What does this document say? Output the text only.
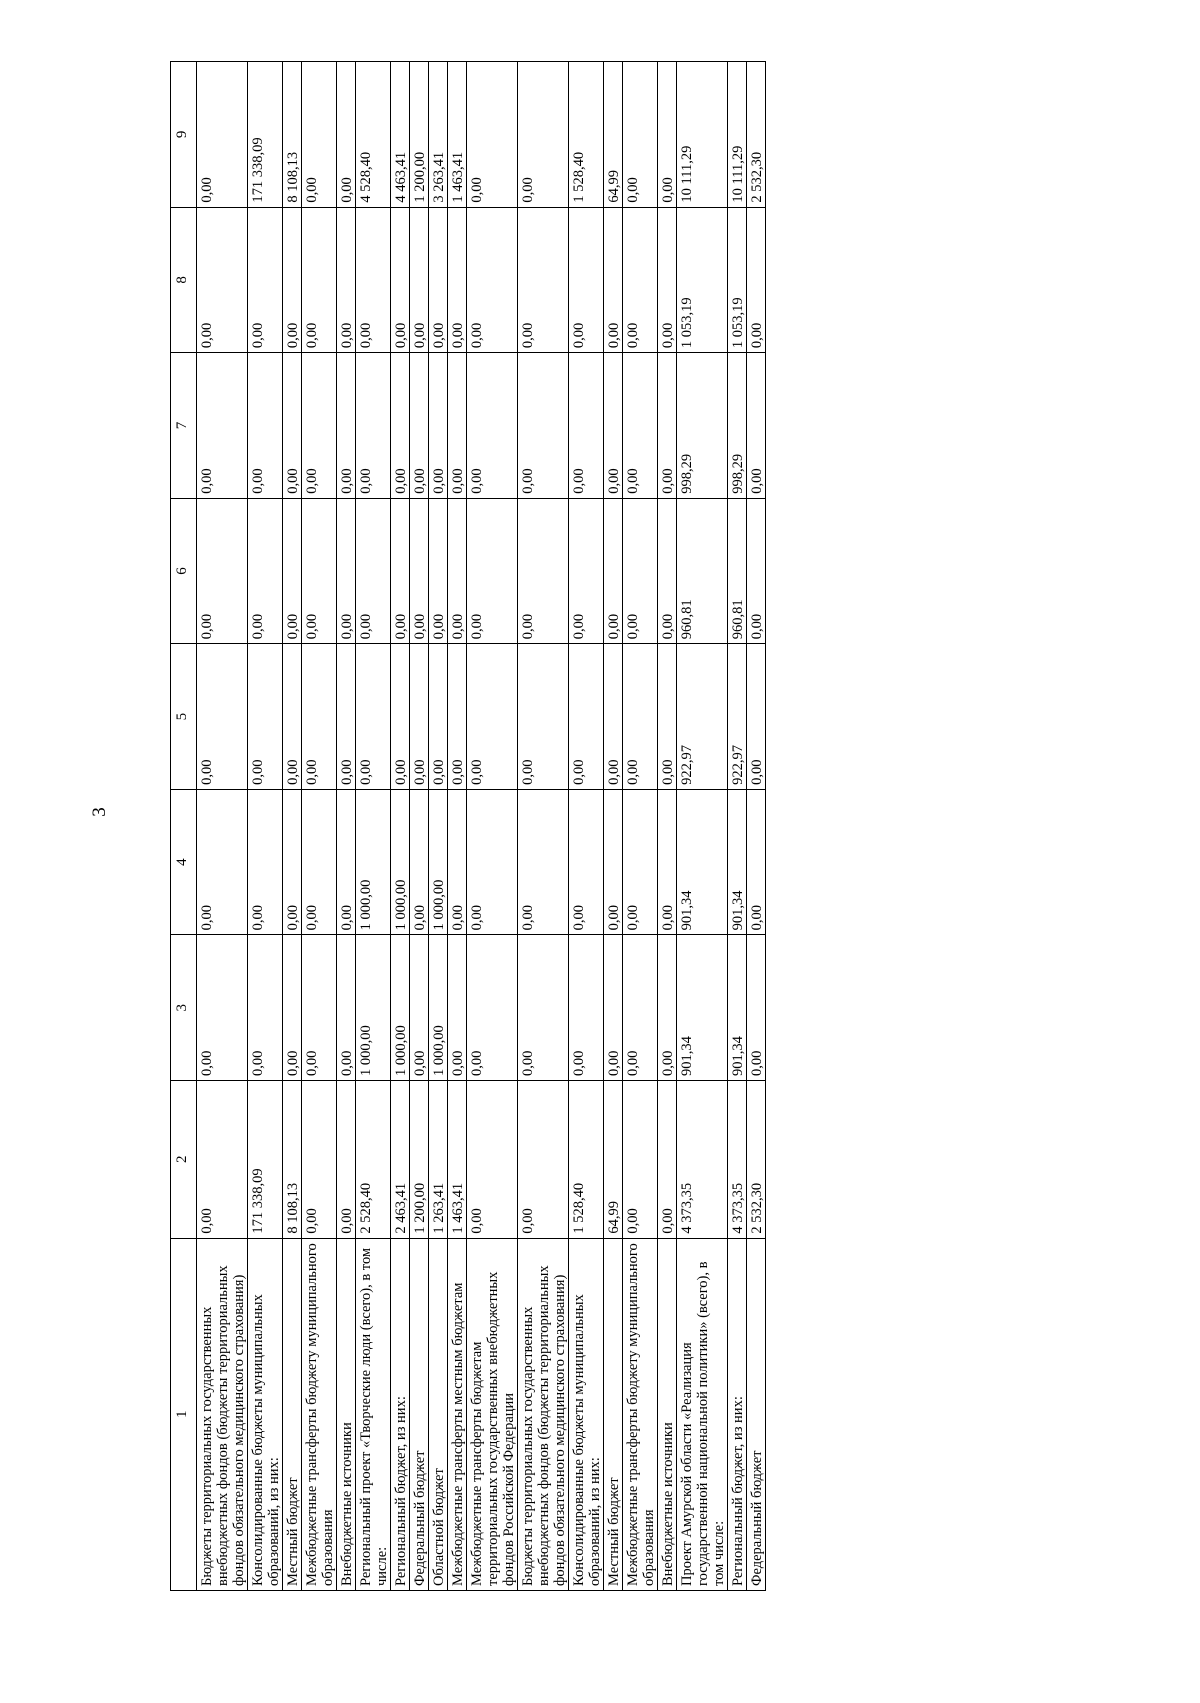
3
1	2	3	4	5	6	7	8	9
Бюджеты территориальных государственных внебюджетных фондов (бюджеты территориальных фондов обязательного медицинского страхования)	0,00	0,00	0,00	0,00	0,00	0,00	0,00	0,00
Консолидированные бюджеты муниципальных образований, из них:	171 338,09	0,00	0,00	0,00	0,00	0,00	0,00	171 338,09
Местный бюджет	8 108,13	0,00	0,00	0,00	0,00	0,00	0,00	8 108,13
Межбюджетные трансферты бюджету муниципального образования	0,00	0,00	0,00	0,00	0,00	0,00	0,00	0,00
Внебюджетные источники	0,00	0,00	0,00	0,00	0,00	0,00	0,00	0,00
Региональный проект «Творческие люди (всего), в том числе:	2 528,40	1 000,00	1 000,00	0,00	0,00	0,00	0,00	4 528,40
Региональный бюджет, из них:	2 463,41	1 000,00	1 000,00	0,00	0,00	0,00	0,00	4 463,41
Федеральный бюджет	1 200,00	0,00	0,00	0,00	0,00	0,00	0,00	1 200,00
Областной бюджет	1 263,41	1 000,00	1 000,00	0,00	0,00	0,00	0,00	3 263,41
Межбюджетные трансферты местным бюджетам	1 463,41	0,00	0,00	0,00	0,00	0,00	0,00	1 463,41
Межбюджетные трансферты бюджетам территориальных государственных внебюджетных фондов Российской Федерации	0,00	0,00	0,00	0,00	0,00	0,00	0,00	0,00
Бюджеты территориальных государственных внебюджетных фондов (бюджеты территориальных фондов обязательного медицинского страхования)	0,00	0,00	0,00	0,00	0,00	0,00	0,00	0,00
Консолидированные бюджеты муниципальных образований, из них:	1 528,40	0,00	0,00	0,00	0,00	0,00	0,00	1 528,40
Местный бюджет	64,99	0,00	0,00	0,00	0,00	0,00	0,00	64,99
Межбюджетные трансферты бюджету муниципального образования	0,00	0,00	0,00	0,00	0,00	0,00	0,00	0,00
Внебюджетные источники	0,00	0,00	0,00	0,00	0,00	0,00	0,00	0,00
Проект Амурской области «Реализация государственной национальной политики» (всего), в том числе:	4 373,35	901,34	901,34	922,97	960,81	998,29	1 053,19	10 111,29
Региональный бюджет, из них:	4 373,35	901,34	901,34	922,97	960,81	998,29	1 053,19	10 111,29
Федеральный бюджет	2 532,30	0,00	0,00	0,00	0,00	0,00	0,00	2 532,30
